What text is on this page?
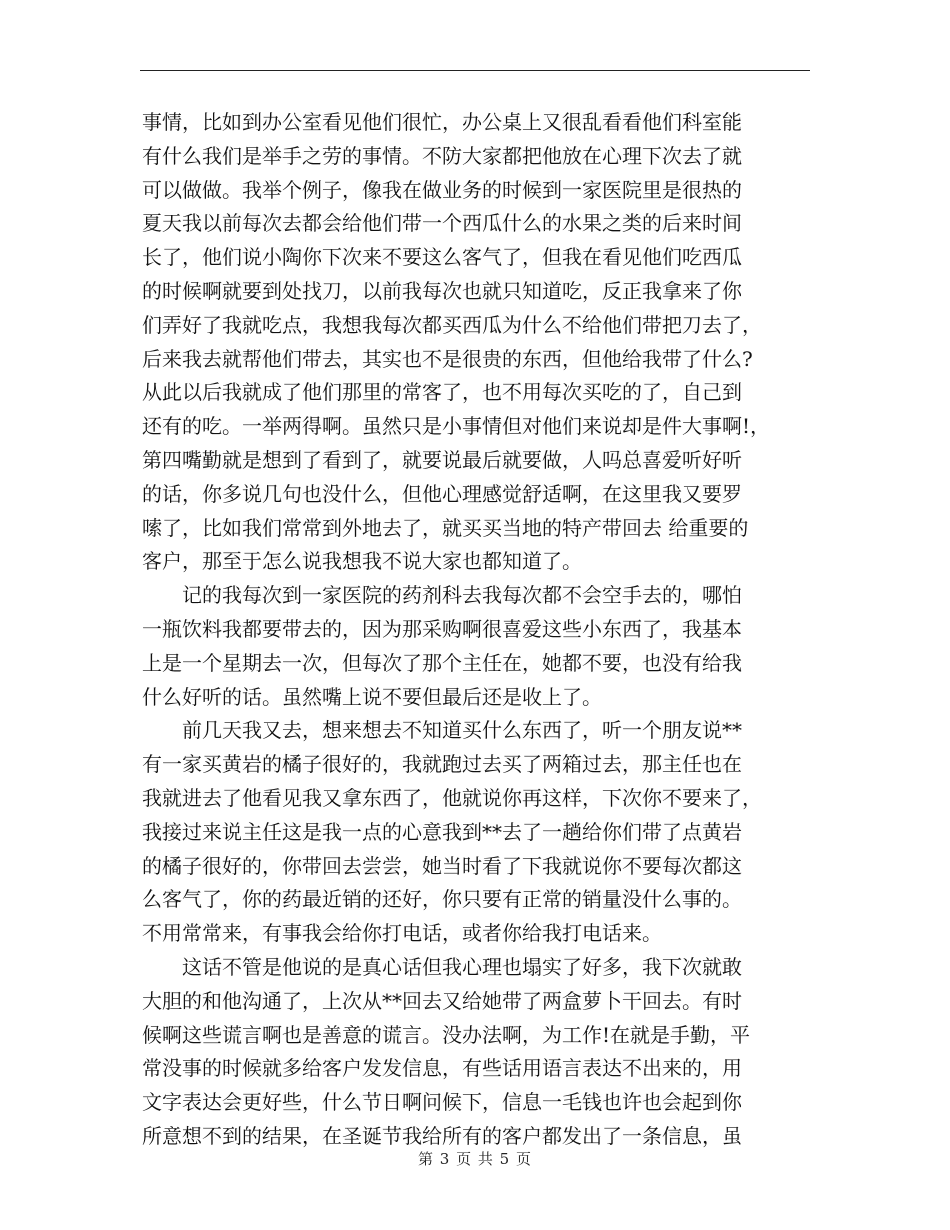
事情，比如到办公室看见他们很忙，办公桌上又很乱看看他们科室能
有什么我们是举手之劳的事情。不防大家都把他放在心理下次去了就
可以做做。我举个例子，像我在做业务的时候到一家医院里是很热的
夏天我以前每次去都会给他们带一个西瓜什么的水果之类的后来时间
长了，他们说小陶你下次来不要这么客气了，但我在看见他们吃西瓜
的时候啊就要到处找刀，以前我每次也就只知道吃，反正我拿来了你
们弄好了我就吃点，我想我每次都买西瓜为什么不给他们带把刀去了，
后来我去就帮他们带去，其实也不是很贵的东西，但他给我带了什么?
从此以后我就成了他们那里的常客了，也不用每次买吃的了，自己到
还有的吃。一举两得啊。虽然只是小事情但对他们来说却是件大事啊!，
第四嘴勤就是想到了看到了，就要说最后就要做，人吗总喜爱听好听
的话，你多说几句也没什么，但他心理感觉舒适啊，在这里我又要罗
嗦了，比如我们常常到外地去了，就买买当地的特产带回去 给重要的
客户，那至于怎么说我想我不说大家也都知道了。
　　记的我每次到一家医院的药剂科去我每次都不会空手去的，哪怕
一瓶饮料我都要带去的，因为那采购啊很喜爱这些小东西了，我基本
上是一个星期去一次，但每次了那个主任在，她都不要，也没有给我
什么好听的话。虽然嘴上说不要但最后还是收上了。
　　前几天我又去，想来想去不知道买什么东西了，听一个朋友说**
有一家买黄岩的橘子很好的，我就跑过去买了两箱过去，那主任也在
我就进去了他看见我又拿东西了，他就说你再这样，下次你不要来了，
我接过来说主任这是我一点的心意我到**去了一趟给你们带了点黄岩
的橘子很好的，你带回去尝尝，她当时看了下我就说你不要每次都这
么客气了，你的药最近销的还好，你只要有正常的销量没什么事的。
不用常常来，有事我会给你打电话，或者你给我打电话来。
　　这话不管是他说的是真心话但我心理也塌实了好多，我下次就敢
大胆的和他沟通了，上次从**回去又给她带了两盒萝卜干回去。有时
候啊这些谎言啊也是善意的谎言。没办法啊，为工作!在就是手勤，平
常没事的时候就多给客户发发信息，有些话用语言表达不出来的，用
文字表达会更好些，什么节日啊问候下，信息一毛钱也许也会起到你
所意想不到的结果，在圣诞节我给所有的客户都发出了一条信息，虽
第 3 页 共 5 页
